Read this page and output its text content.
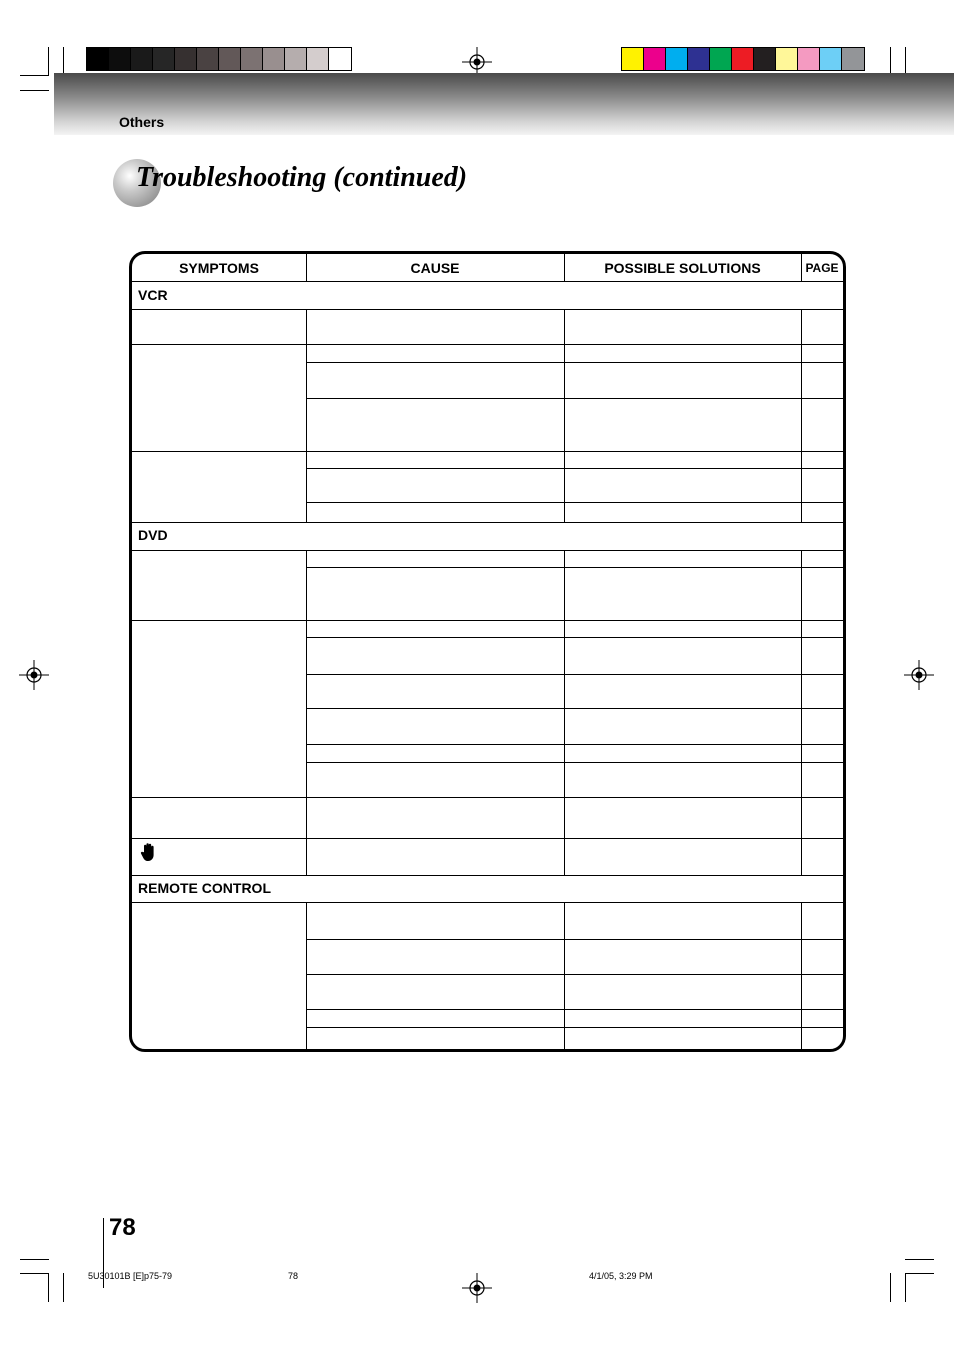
Others
Troubleshooting (continued)
SYMPTOMS	CAUSE	POSSIBLE SOLUTIONS	PAGE
VCR
DVD
REMOTE CONTROL
78
5U30101B [E]p75-79	78	4/1/05, 3:29 PM
